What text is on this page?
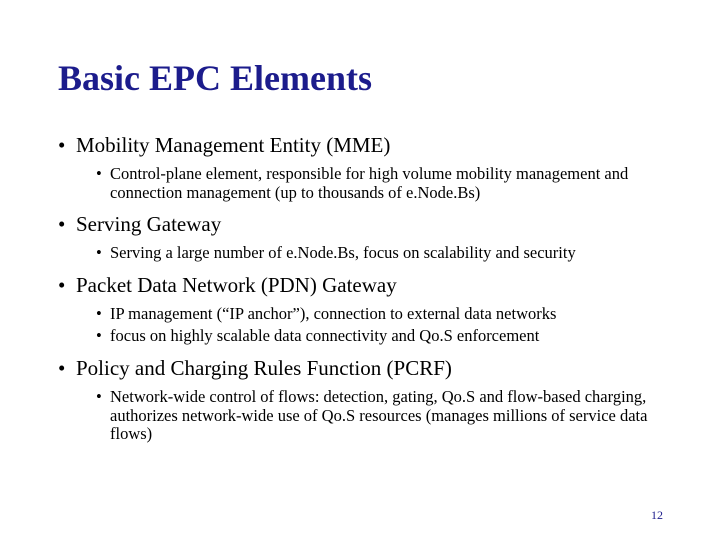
Basic EPC Elements
• Mobility Management Entity (MME)
• Control-plane element, responsible for high volume mobility management and connection management (up to thousands of e.Node.Bs)
• Serving Gateway
• Serving a large number of e.Node.Bs, focus on scalability and security
• Packet Data Network (PDN) Gateway
• IP management (“IP anchor”), connection to external data networks
• focus on highly scalable data connectivity and Qo.S enforcement
• Policy and Charging Rules Function (PCRF)
• Network-wide control of flows: detection, gating, Qo.S and flow-based charging, authorizes network-wide use of Qo.S resources (manages millions of service data flows)
12
